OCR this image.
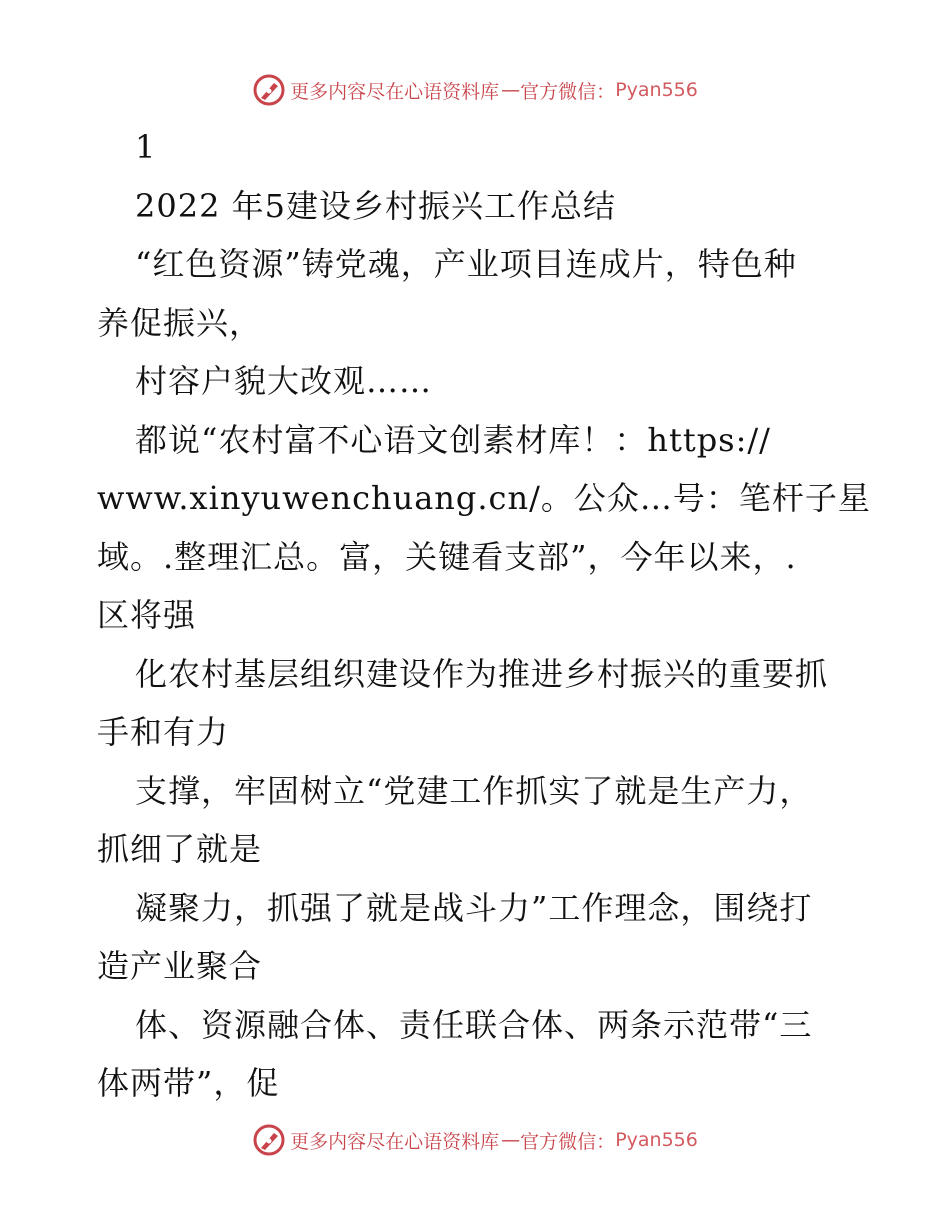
更多内容尽在心语资料库 — 官方微信： Pyan556
1
2022 年5建设乡村振兴工作总结
“红色资源”铸党魂，产业项目连成片，特色种
养促振兴，
村容户貌大改观……
都说“农村富不心语文创素材库！：https://
www.xinyuwenchuang.cn/。公众…号：笔杆子星
域。.整理汇总。富，关键看支部”，今年以来，.
区将强
化农村基层组织建设作为推进乡村振兴的重要抓
手和有力
支撑，牢固树立“党建工作抓实了就是生产力，
抓细了就是
凝聚力，抓强了就是战斗力”工作理念，围绕打
造产业聚合
体、资源融合体、责任联合体、两条示范带“三
体两带”，促
更多内容尽在心语资料库 — 官方微信： Pyan556
